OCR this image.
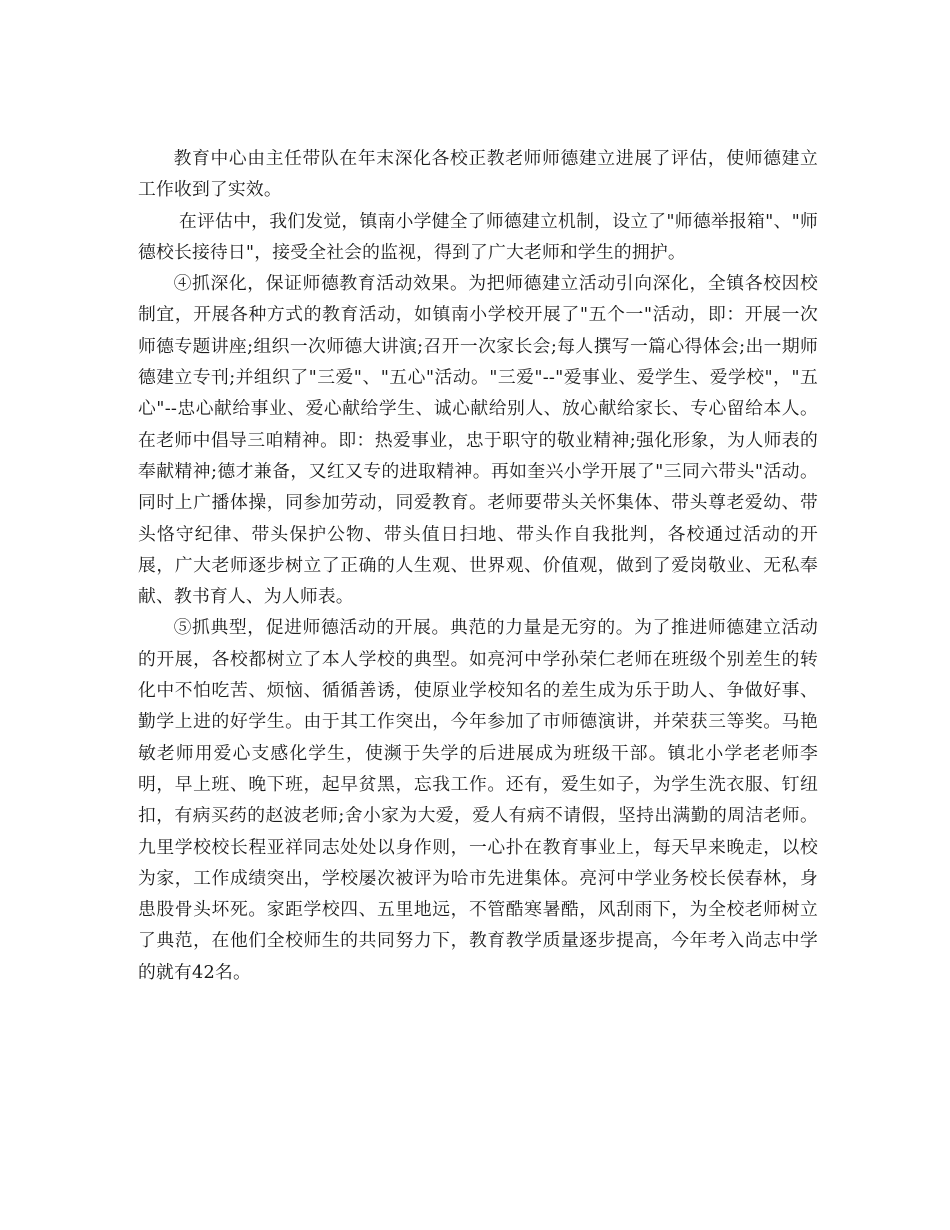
教育中心由主任带队在年末深化各校正教老师师德建立进展了评估，使师德建立工作收到了实效。

在评估中，我们发觉，镇南小学健全了师德建立机制，设立了"师德举报箱"、"师德校长接待日"，接受全社会的监视，得到了广大老师和学生的拥护。

④抓深化，保证师德教育活动效果。为把师德建立活动引向深化，全镇各校因校制宜，开展各种方式的教育活动，如镇南小学校开展了"五个一"活动，即：开展一次师德专题讲座;组织一次师德大讲演;召开一次家长会;每人撰写一篇心得体会;出一期师德建立专刊;并组织了"三爱"、"五心"活动。"三爱"--"爱事业、爱学生、爱学校"，"五心"--忠心献给事业、爱心献给学生、诚心献给别人、放心献给家长、专心留给本人。在老师中倡导三咱精神。即：热爱事业，忠于职守的敬业精神;强化形象，为人师表的奉献精神;德才兼备，又红又专的进取精神。再如奎兴小学开展了"三同六带头"活动。同时上广播体操，同参加劳动，同爱教育。老师要带头关怀集体、带头尊老爱幼、带头恪守纪律、带头保护公物、带头值日扫地、带头作自我批判，各校通过活动的开展，广大老师逐步树立了正确的人生观、世界观、价值观，做到了爱岗敬业、无私奉献、教书育人、为人师表。

⑤抓典型，促进师德活动的开展。典范的力量是无穷的。为了推进师德建立活动的开展，各校都树立了本人学校的典型。如亮河中学孙荣仁老师在班级个别差生的转化中不怕吃苦、烦恼、循循善诱，使原业学校知名的差生成为乐于助人、争做好事、勤学上进的好学生。由于其工作突出，今年参加了市师德演讲，并荣获三等奖。马艳敏老师用爱心支感化学生，使濒于失学的后进展成为班级干部。镇北小学老老师李明，早上班、晚下班，起早贫黑，忘我工作。还有，爱生如子，为学生洗衣服、钉纽扣，有病买药的赵波老师;舍小家为大爱，爱人有病不请假，坚持出满勤的周洁老师。九里学校校长程亚祥同志处处以身作则，一心扑在教育事业上，每天早来晚走，以校为家，工作成绩突出，学校屡次被评为哈市先进集体。亮河中学业务校长侯春林，身患股骨头坏死。家距学校四、五里地远，不管酷寒暑酷，风刮雨下，为全校老师树立了典范，在他们全校师生的共同努力下，教育教学质量逐步提高，今年考入尚志中学的就有42名。
